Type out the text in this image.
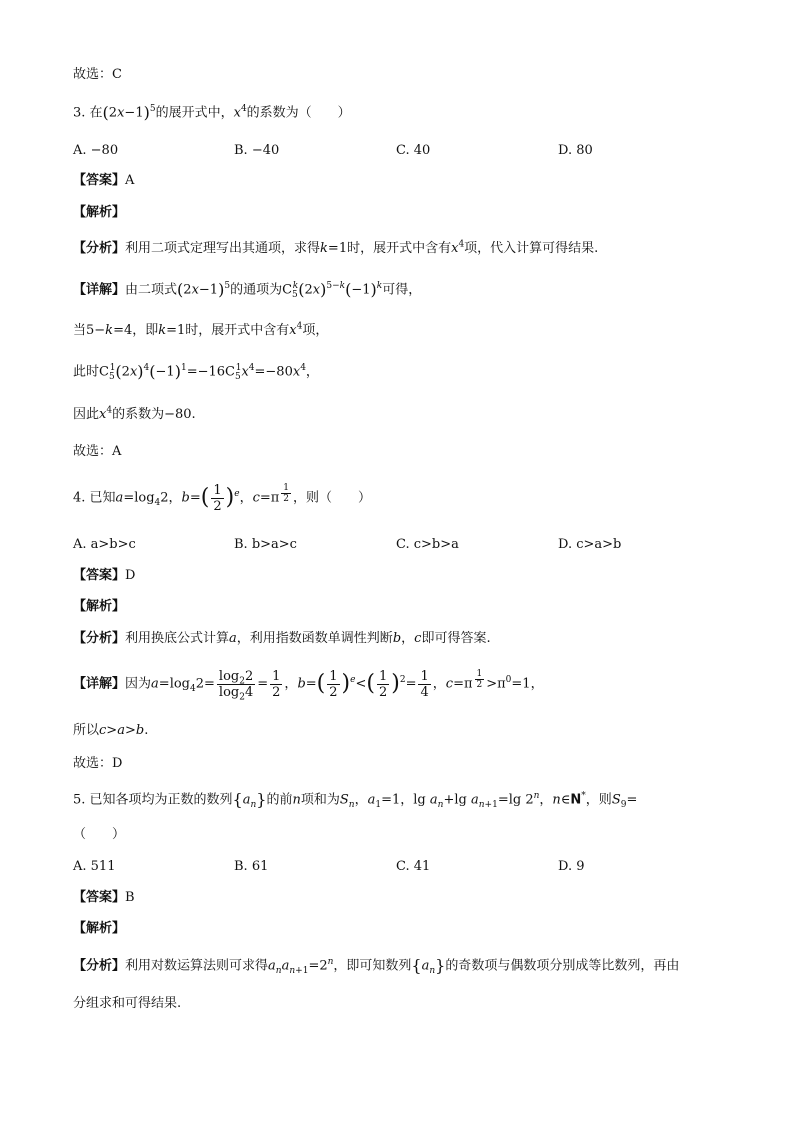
故选：C
3. 在$(2x-1)^5$的展开式中，$x^4$的系数为（　　）
A. −80	B. −40	C. 40	D. 80
【答案】A
【解析】
【分析】利用二项式定理写出其通项，求得k=1时，展开式中含有$x^4$项，代入计算可得结果.
【详解】由二项式$(2x-1)^5$的通项为$C_5^k(2x)^{5-k}(-1)^k$可得，
当5−k=4，即k=1时，展开式中含有$x^4$项，
此时$C_5^1(2x)^4(-1)^1=-16C_5^1x^4=-80x^4$，
因此$x^4$的系数为−80.
故选：A
4. 已知$a=\log_42$，$b=( \frac{1}{2} )^e$，c=π $^{\frac{1}{2}}$ ，则（　　）
A. a>b>c	B. b>a>c	C. c>b>a	D. c>a>b
【答案】D
【解析】
【分析】利用换底公式计算a，利用指数函数单调性判断b，c即可得答案.
【详解】因为$a=\log_42= \frac{\log_22}{\log_24} = \frac{1}{2}$ ，$b=( \frac{1}{2} )^e<( \frac{1}{2} )^2= \frac{1}{4}$ ，c=π $^{\frac{1}{2}} >\pi^0=1$，
所以c>a>b.
故选：D
5. 已知各项均为正数的数列$\{a_n\}$的前n项和为$S_n$，$a_1=1$，$\lg a_n+\lg$ $a_{n+1}=\lg$ 2$^n$，n∈N*，则$S_9=$
（　　）
A. 511	B. 61	C. 41	D. 9
【答案】B
【解析】
【分析】利用对数运算法则可求得$a_na_{n+1}=2^n$，即可知数列$\{a_n\}$的奇数项与偶数项分别成等比数列，再由
分组求和可得结果.
